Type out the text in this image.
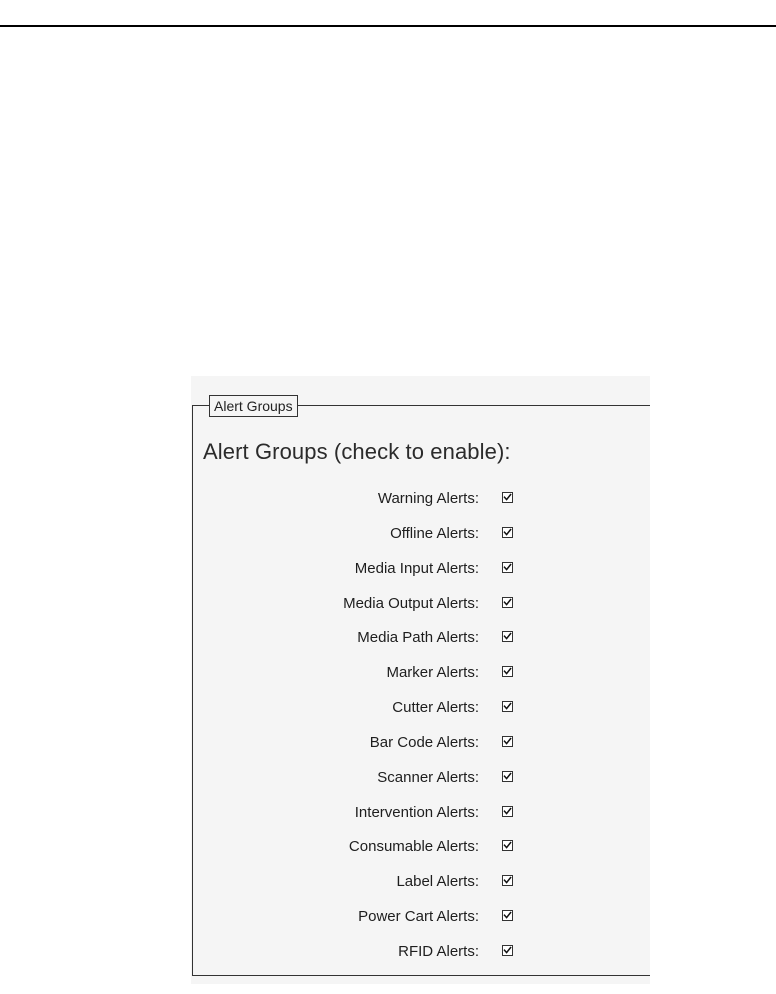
Alert Groups
Alert Groups (check to enable):
Warning Alerts:
Offline Alerts:
Media Input Alerts:
Media Output Alerts:
Media Path Alerts:
Marker Alerts:
Cutter Alerts:
Bar Code Alerts:
Scanner Alerts:
Intervention Alerts:
Consumable Alerts:
Label Alerts:
Power Cart Alerts:
RFID Alerts:
